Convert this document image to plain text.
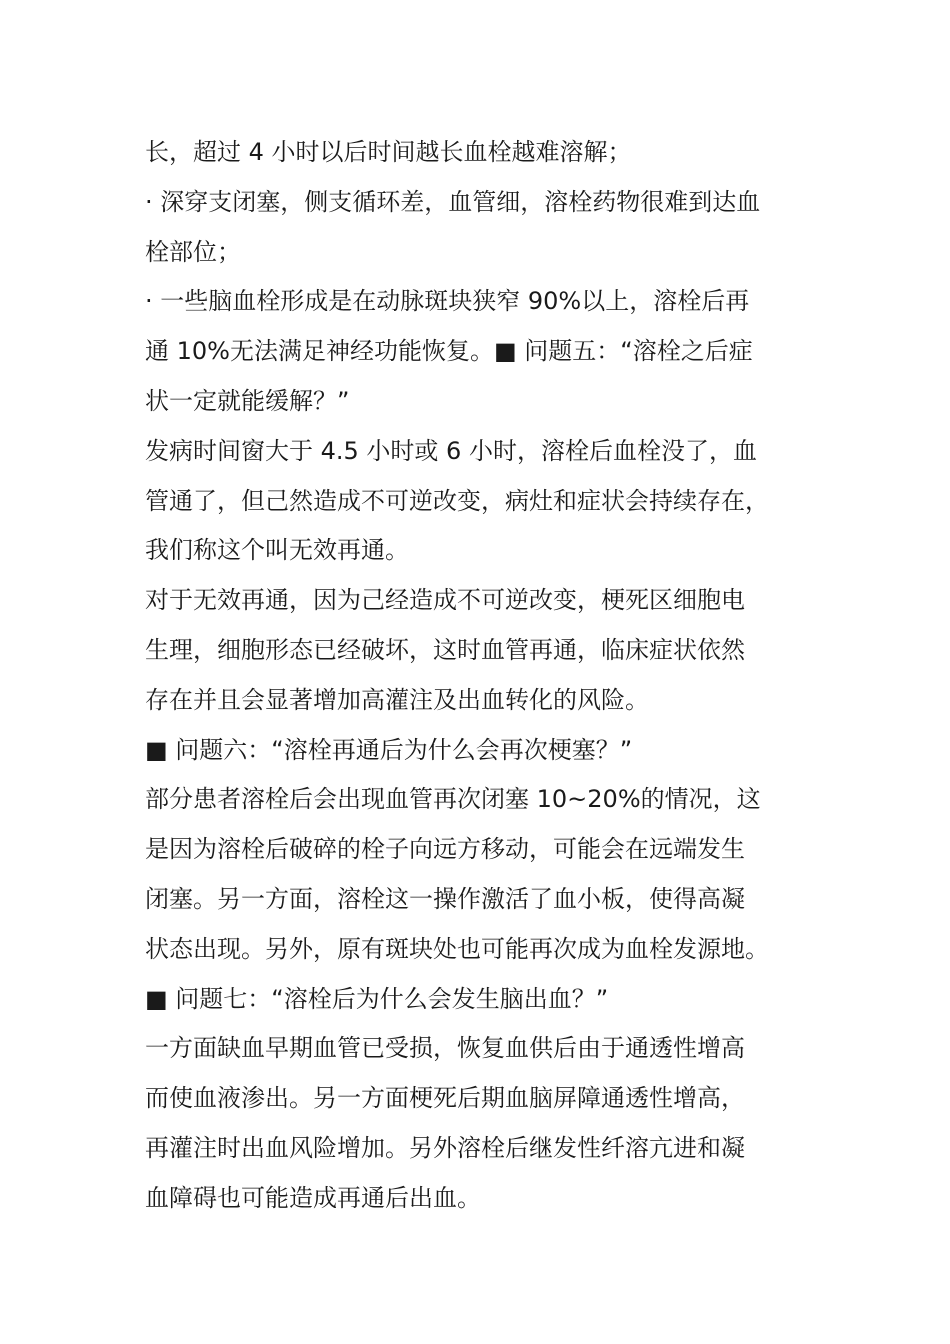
长，超过 4 小时以后时间越长血栓越难溶解；

· 深穿支闭塞，侧支循环差，血管细，溶栓药物很难到达血

栓部位；

· 一些脑血栓形成是在动脉斑块狭窄 90%以上，溶栓后再

通 10%无法满足神经功能恢复。■ 问题五：“溶栓之后症

状一定就能缓解？”

发病时间窗大于 4.5 小时或 6 小时，溶栓后血栓没了，血

管通了，但己然造成不可逆改变，病灶和症状会持续存在，

我们称这个叫无效再通。

对于无效再通，因为己经造成不可逆改变，梗死区细胞电

生理，细胞形态已经破坏，这时血管再通，临床症状依然

存在并且会显著增加高灌注及出血转化的风险。

■ 问题六：“溶栓再通后为什么会再次梗塞？”

部分患者溶栓后会出现血管再次闭塞 10~20%的情况，这

是因为溶栓后破碎的栓子向远方移动，可能会在远端发生

闭塞。另一方面，溶栓这一操作激活了血小板，使得高凝

状态出现。另外，原有斑块处也可能再次成为血栓发源地。

■ 问题七：“溶栓后为什么会发生脑出血？”

一方面缺血早期血管已受损，恢复血供后由于通透性增高

而使血液渗出。另一方面梗死后期血脑屏障通透性增高，

再灌注时出血风险增加。另外溶栓后继发性纤溶亢进和凝

血障碍也可能造成再通后出血。
